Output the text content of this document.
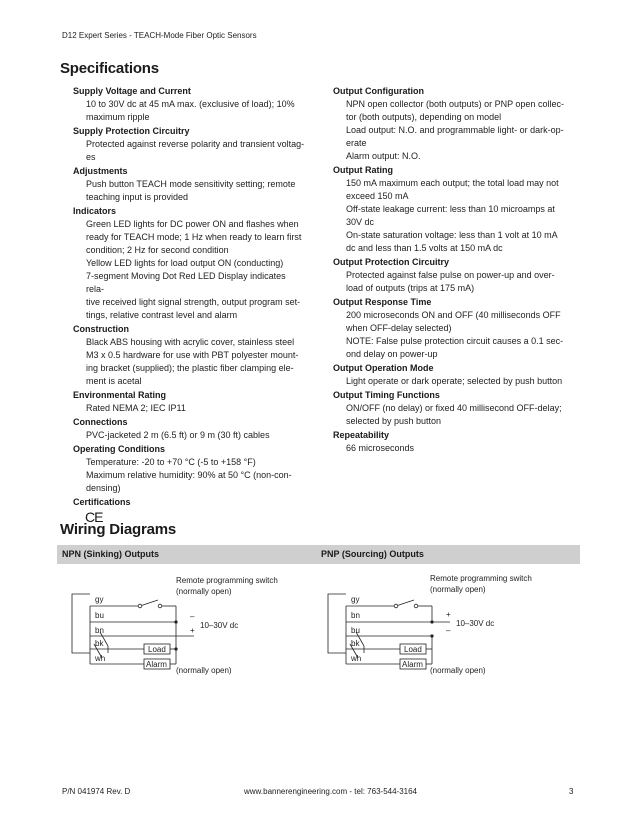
D12 Expert Series - TEACH-Mode Fiber Optic Sensors
Specifications
Supply Voltage and Current
10 to 30V dc at 45 mA max. (exclusive of load); 10%
maximum ripple
Supply Protection Circuitry
Protected against reverse polarity and transient voltag-
es
Adjustments
Push button TEACH mode sensitivity setting; remote
teaching input is provided
Indicators
Green LED lights for DC power ON and flashes when
ready for TEACH mode; 1 Hz when ready to learn first
condition; 2 Hz for second condition
Yellow LED lights for load output ON (conducting)
7-segment Moving Dot Red LED Display indicates rela-
tive received light signal strength, output program set-
tings, relative contrast level and alarm
Construction
Black ABS housing with acrylic cover, stainless steel
M3 x 0.5 hardware for use with PBT polyester mount-
ing bracket (supplied); the plastic fiber clamping ele-
ment is acetal
Environmental Rating
Rated NEMA 2; IEC IP11
Connections
PVC-jacketed 2 m (6.5 ft) or 9 m (30 ft) cables
Operating Conditions
Temperature: -20 to +70 °C (-5 to +158 °F)
Maximum relative humidity: 90% at 50 °C (non-con-
densing)
Certifications
CE
Output Configuration
NPN open collector (both outputs) or PNP open collec-
tor (both outputs), depending on model
Load output: N.O. and programmable light- or dark-op-
erate
Alarm output: N.O.
Output Rating
150 mA maximum each output; the total load may not
exceed 150 mA
Off-state leakage current: less than 10 microamps at
30V dc
On-state saturation voltage: less than 1 volt at 10 mA
dc and less than 1.5 volts at 150 mA dc
Output Protection Circuitry
Protected against false pulse on power-up and over-
load of outputs (trips at 175 mA)
Output Response Time
200 microseconds ON and OFF (40 milliseconds OFF
when OFF-delay selected)
NOTE: False pulse protection circuit causes a 0.1 sec-
ond delay on power-up
Output Operation Mode
Light operate or dark operate; selected by push button
Output Timing Functions
ON/OFF (no delay) or fixed 40 millisecond OFF-delay;
selected by push button
Repeatability
66 microseconds
Wiring Diagrams
NPN (Sinking) Outputs	PNP (Sourcing) Outputs
gy
bu
bn
bk
wh
Remote programming switch
(normally open)
–
+
10–30V dc
Load
Alarm
(normally open)
gy
bn
bu
bk
wh
Remote programming switch
(normally open)
+
–
10–30V dc
Load
Alarm
(normally open)
P/N 041974 Rev. D	www.bannerengineering.com - tel: 763-544-3164	3
